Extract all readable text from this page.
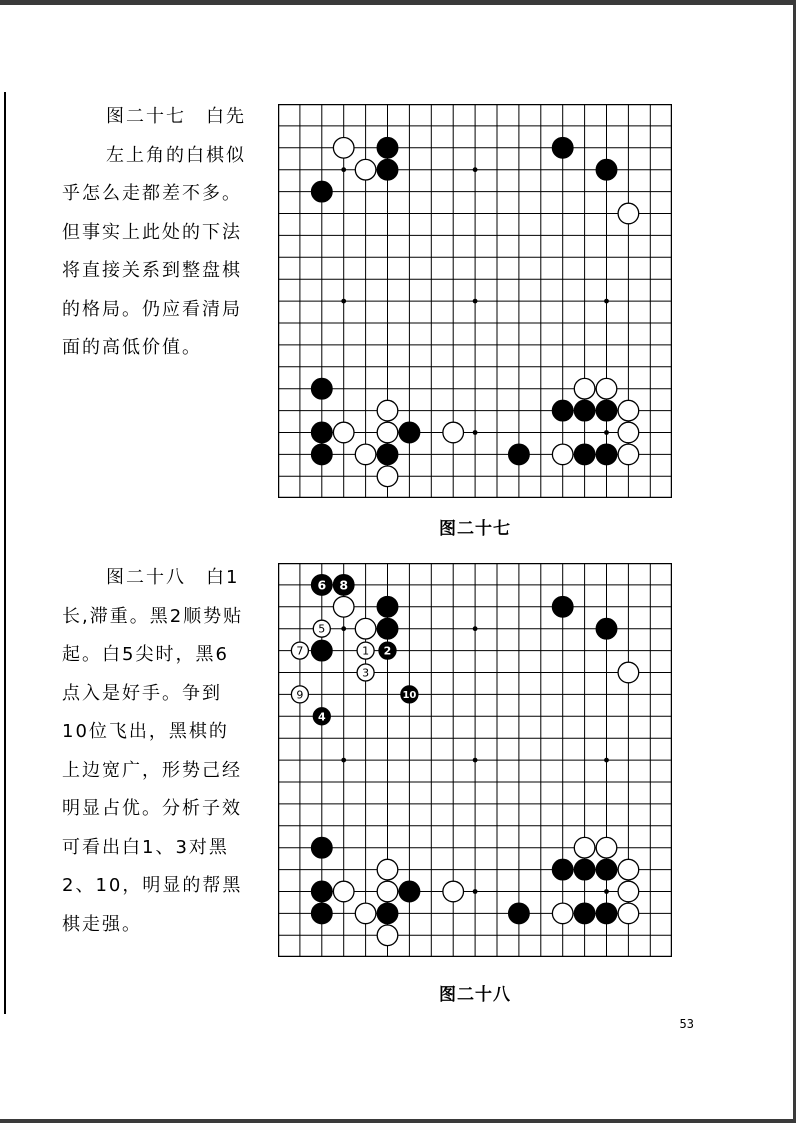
图二十七　白先

左上角的白棋似乎怎么走都差不多。但事实上此处的下法将直接关系到整盘棋的格局。仍应看清局面的高低价值。

图二十七

图二十八　白1长,滞重。黑2顺势贴起。白5尖时，黑6点入是好手。争到10位飞出，黑棋的上边宽广，形势己经明显占优。分析子效可看出白1、3对黑2、10，明显的帮黑棋走强。

6 8
5
7	1 2
3
9	10
4
图二十八
53
